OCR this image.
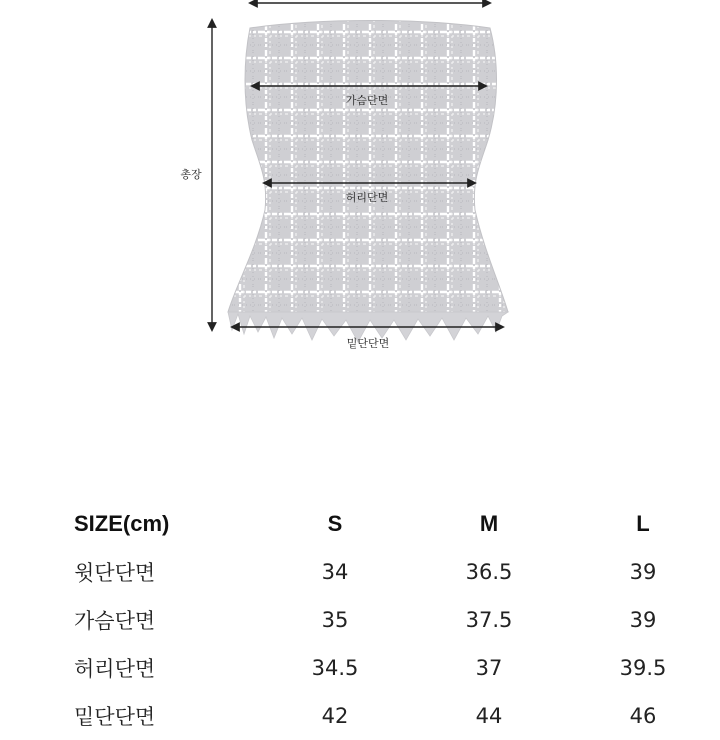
총장
가슴단면
허리단면
밑단단면
SIZE(cm)	S	M	L
윗단단면	34	36.5	39
가슴단면	35	37.5	39
허리단면	34.5	37	39.5
밑단단면	42	44	46
